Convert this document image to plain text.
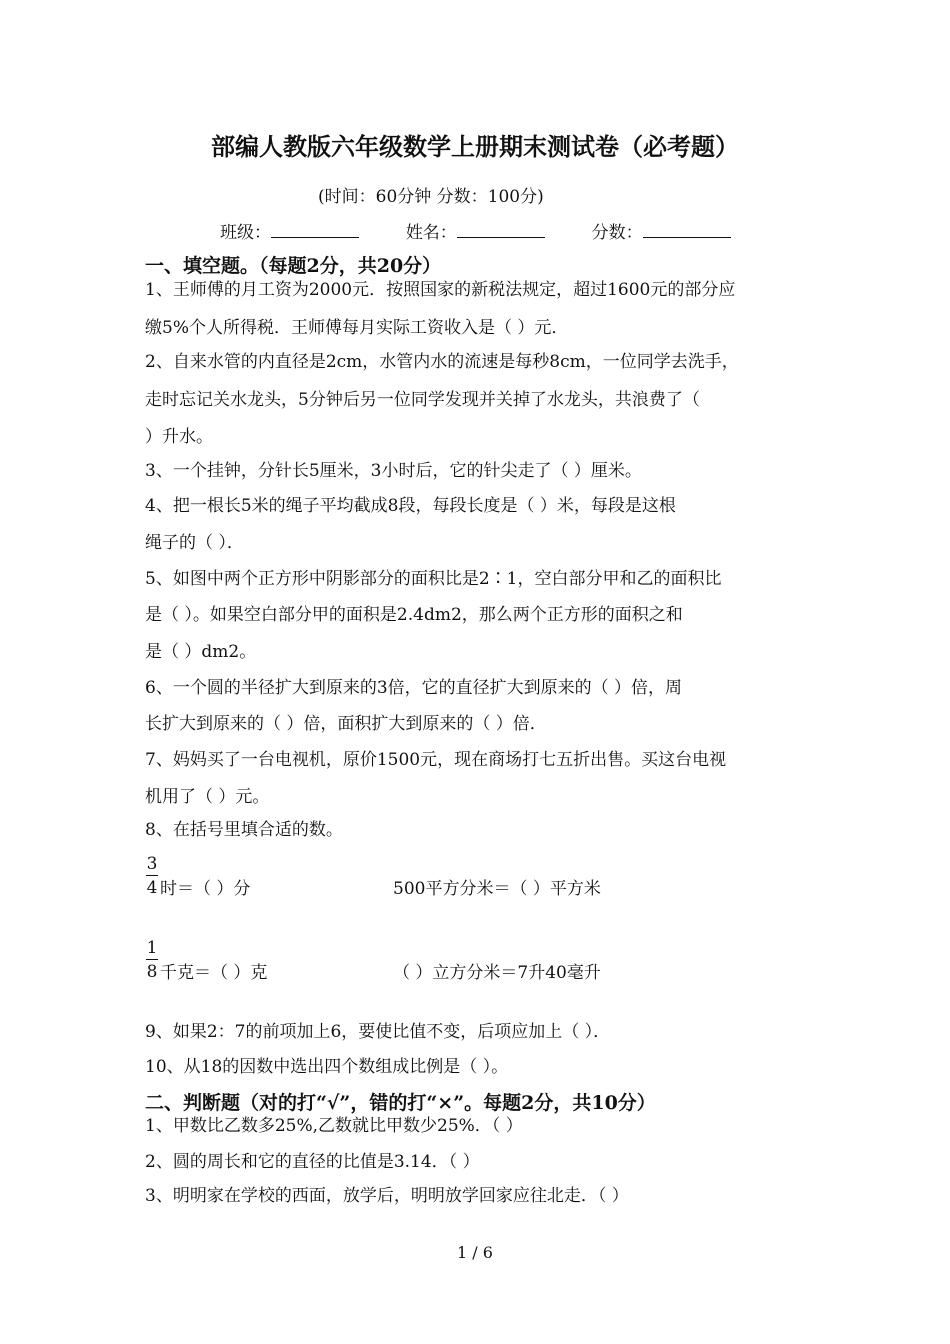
部编人教版六年级数学上册期末测试卷（必考题）
(时间：60分钟 分数：100分)
班级：	姓名：	分数：
一、填空题。（每题2分，共20分）
1、王师傅的月工资为2000元．按照国家的新税法规定，超过1600元的部分应
缴5%个人所得税．王师傅每月实际工资收入是（ ）元．
2、自来水管的内直径是2cm，水管内水的流速是每秒8cm，一位同学去洗手，
走时忘记关水龙头，5分钟后另一位同学发现并关掉了水龙头，共浪费了（
）升水。
3、一个挂钟，分针长5厘米，3小时后，它的针尖走了（ ）厘米。
4、把一根长5米的绳子平均截成8段，每段长度是（ ）米，每段是这根
绳子的（ ）．
5、如图中两个正方形中阴影部分的面积比是2∶1，空白部分甲和乙的面积比
是（ ）。如果空白部分甲的面积是2.4dm2，那么两个正方形的面积之和
是（ ）dm2。
6、一个圆的半径扩大到原来的3倍，它的直径扩大到原来的（ ）倍，周
长扩大到原来的（ ）倍，面积扩大到原来的（ ）倍．
7、妈妈买了一台电视机，原价1500元，现在商场打七五折出售。买这台电视
机用了（ ）元。
8、在括号里填合适的数。
3
4 时＝（ ）分	500平方分米＝（ ）平方米
1
8 千克＝（ ）克	（ ）立方分米＝7升40毫升
9、如果2：7的前项加上6，要使比值不变，后项应加上（ ）．
10、从18的因数中选出四个数组成比例是（ ）。
二、判断题（对的打“√”，错的打“×”。每题2分，共10分）
1、甲数比乙数多25%,乙数就比甲数少25%．（ ）
2、圆的周长和它的直径的比值是3.14．（ ）
3、明明家在学校的西面，放学后，明明放学回家应往北走．（ ）
1 / 6
